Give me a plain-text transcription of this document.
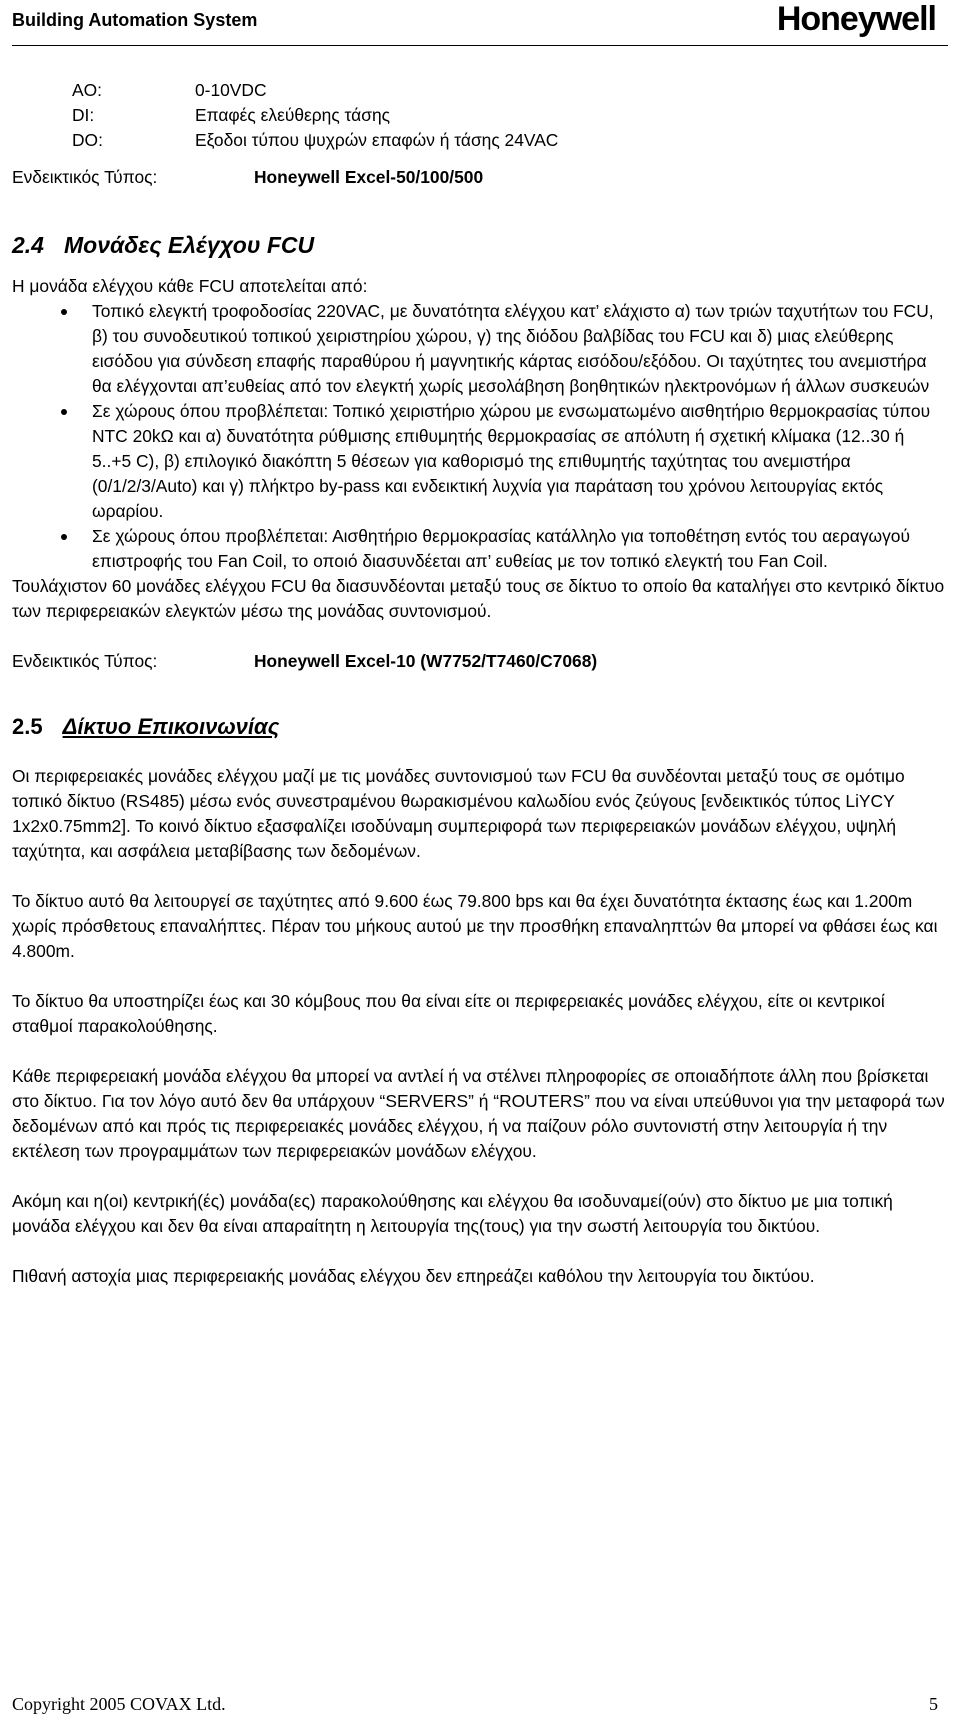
Building Automation System	Honeywell
AO:	0-10VDC
DI:	Επαφές ελεύθερης τάσης
DO:	Εξοδοι τύπου ψυχρών επαφών ή τάσης 24VAC
Ενδεικτικός Τύπος:	Honeywell Excel-50/100/500
2.4 Μονάδες Ελέγχου FCU

Η μονάδα ελέγχου κάθε FCU αποτελείται από:

Τοπικό ελεγκτή τροφοδοσίας 220VAC, με δυνατότητα ελέγχου κατ’ ελάχιστο α) των τριών ταχυτήτων του FCU, β) του συνοδευτικού τοπικού χειριστηρίου χώρου, γ) της διόδου βαλβίδας του FCU και δ) μιας ελεύθερης εισόδου για σύνδεση επαφής παραθύρου ή μαγνητικής κάρτας εισόδου/εξόδου. Οι ταχύτητες του ανεμιστήρα θα ελέγχονται απ’ευθείας από τον ελεγκτή χωρίς μεσολάβηση βοηθητικών ηλεκτρονόμων ή άλλων συσκευών
Σε χώρους όπου προβλέπεται: Τοπικό χειριστήριο χώρου με ενσωματωμένο αισθητήριο θερμοκρασίας τύπου NTC 20kΩ και α) δυνατότητα ρύθμισης επιθυμητής θερμοκρασίας σε απόλυτη ή σχετική κλίμακα (12..30 ή 5..+5 C), β) επιλογικό διακόπτη 5 θέσεων για καθορισμό της επιθυμητής ταχύτητας του ανεμιστήρα (0/1/2/3/Auto) και γ) πλήκτρο by-pass και ενδεικτική λυχνία για παράταση του χρόνου λειτουργίας εκτός ωραρίου.
Σε χώρους όπου προβλέπεται: Αισθητήριο θερμοκρασίας κατάλληλο για τοποθέτηση εντός του αεραγωγού επιστροφής του Fan Coil, το οποιό διασυνδέεται απ’ ευθείας με τον τοπικό ελεγκτή του Fan Coil.

Τουλάχιστον 60 μονάδες ελέγχου FCU θα διασυνδέονται μεταξύ τους σε δίκτυο το οποίο θα καταλήγει στο κεντρικό δίκτυο των περιφερειακών ελεγκτών μέσω της μονάδας συντονισμού.

Ενδεικτικός Τύπος:	Honeywell Excel-10 (W7752/T7460/C7068)
2.5 Δίκτυο Επικοινωνίας

Οι περιφερειακές μονάδες ελέγχου μαζί με τις μονάδες συντονισμού των FCU θα συνδέονται μεταξύ τους σε ομότιμο τοπικό δίκτυο (RS485) μέσω ενός συνεστραμένου θωρακισμένου καλωδίου ενός ζεύγους [ενδεικτικός τύπος LiYCY 1x2x0.75mm2]. Το κοινό δίκτυο εξασφαλίζει ισοδύναμη συμπεριφορά των περιφερειακών μονάδων ελέγχου, υψηλή ταχύτητα, και ασφάλεια μεταβίβασης των δεδομένων.

Το δίκτυο αυτό θα λειτουργεί σε ταχύτητες από 9.600 έως 79.800 bps και θα έχει δυνατότητα έκτασης έως και 1.200m χωρίς πρόσθετους επαναλήπτες. Πέραν του μήκους αυτού με την προσθήκη επαναληπτών θα μπορεί να φθάσει έως και 4.800m.

Το δίκτυο θα υποστηρίζει έως και 30 κόμβους που θα είναι είτε οι περιφερειακές μονάδες ελέγχου, είτε οι κεντρικοί σταθμοί παρακολούθησης.

Κάθε περιφερειακή μονάδα ελέγχου θα μπορεί να αντλεί ή να στέλνει πληροφορίες σε οποιαδήποτε άλλη που βρίσκεται στο δίκτυο. Για τον λόγο αυτό δεν θα υπάρχουν “SERVERS” ή “ROUTERS” που να είναι υπεύθυνοι για την μεταφορά των δεδομένων από και πρός τις περιφερειακές μονάδες ελέγχου, ή να παίζουν ρόλο συντονιστή στην λειτουργία ή την εκτέλεση των προγραμμάτων των περιφερειακών μονάδων ελέγχου.

Ακόμη και η(οι) κεντρική(ές) μονάδα(ες) παρακολούθησης και ελέγχου θα ισοδυναμεί(ούν) στο δίκτυο με μια τοπική μονάδα ελέγχου και δεν θα είναι απαραίτητη η λειτουργία της(τους) για την σωστή λειτουργία του δικτύου.

Πιθανή αστοχία μιας περιφερειακής μονάδας ελέγχου δεν επηρεάζει καθόλου την λειτουργία του δικτύου.

Copyright 2005 COVAX Ltd.	5
